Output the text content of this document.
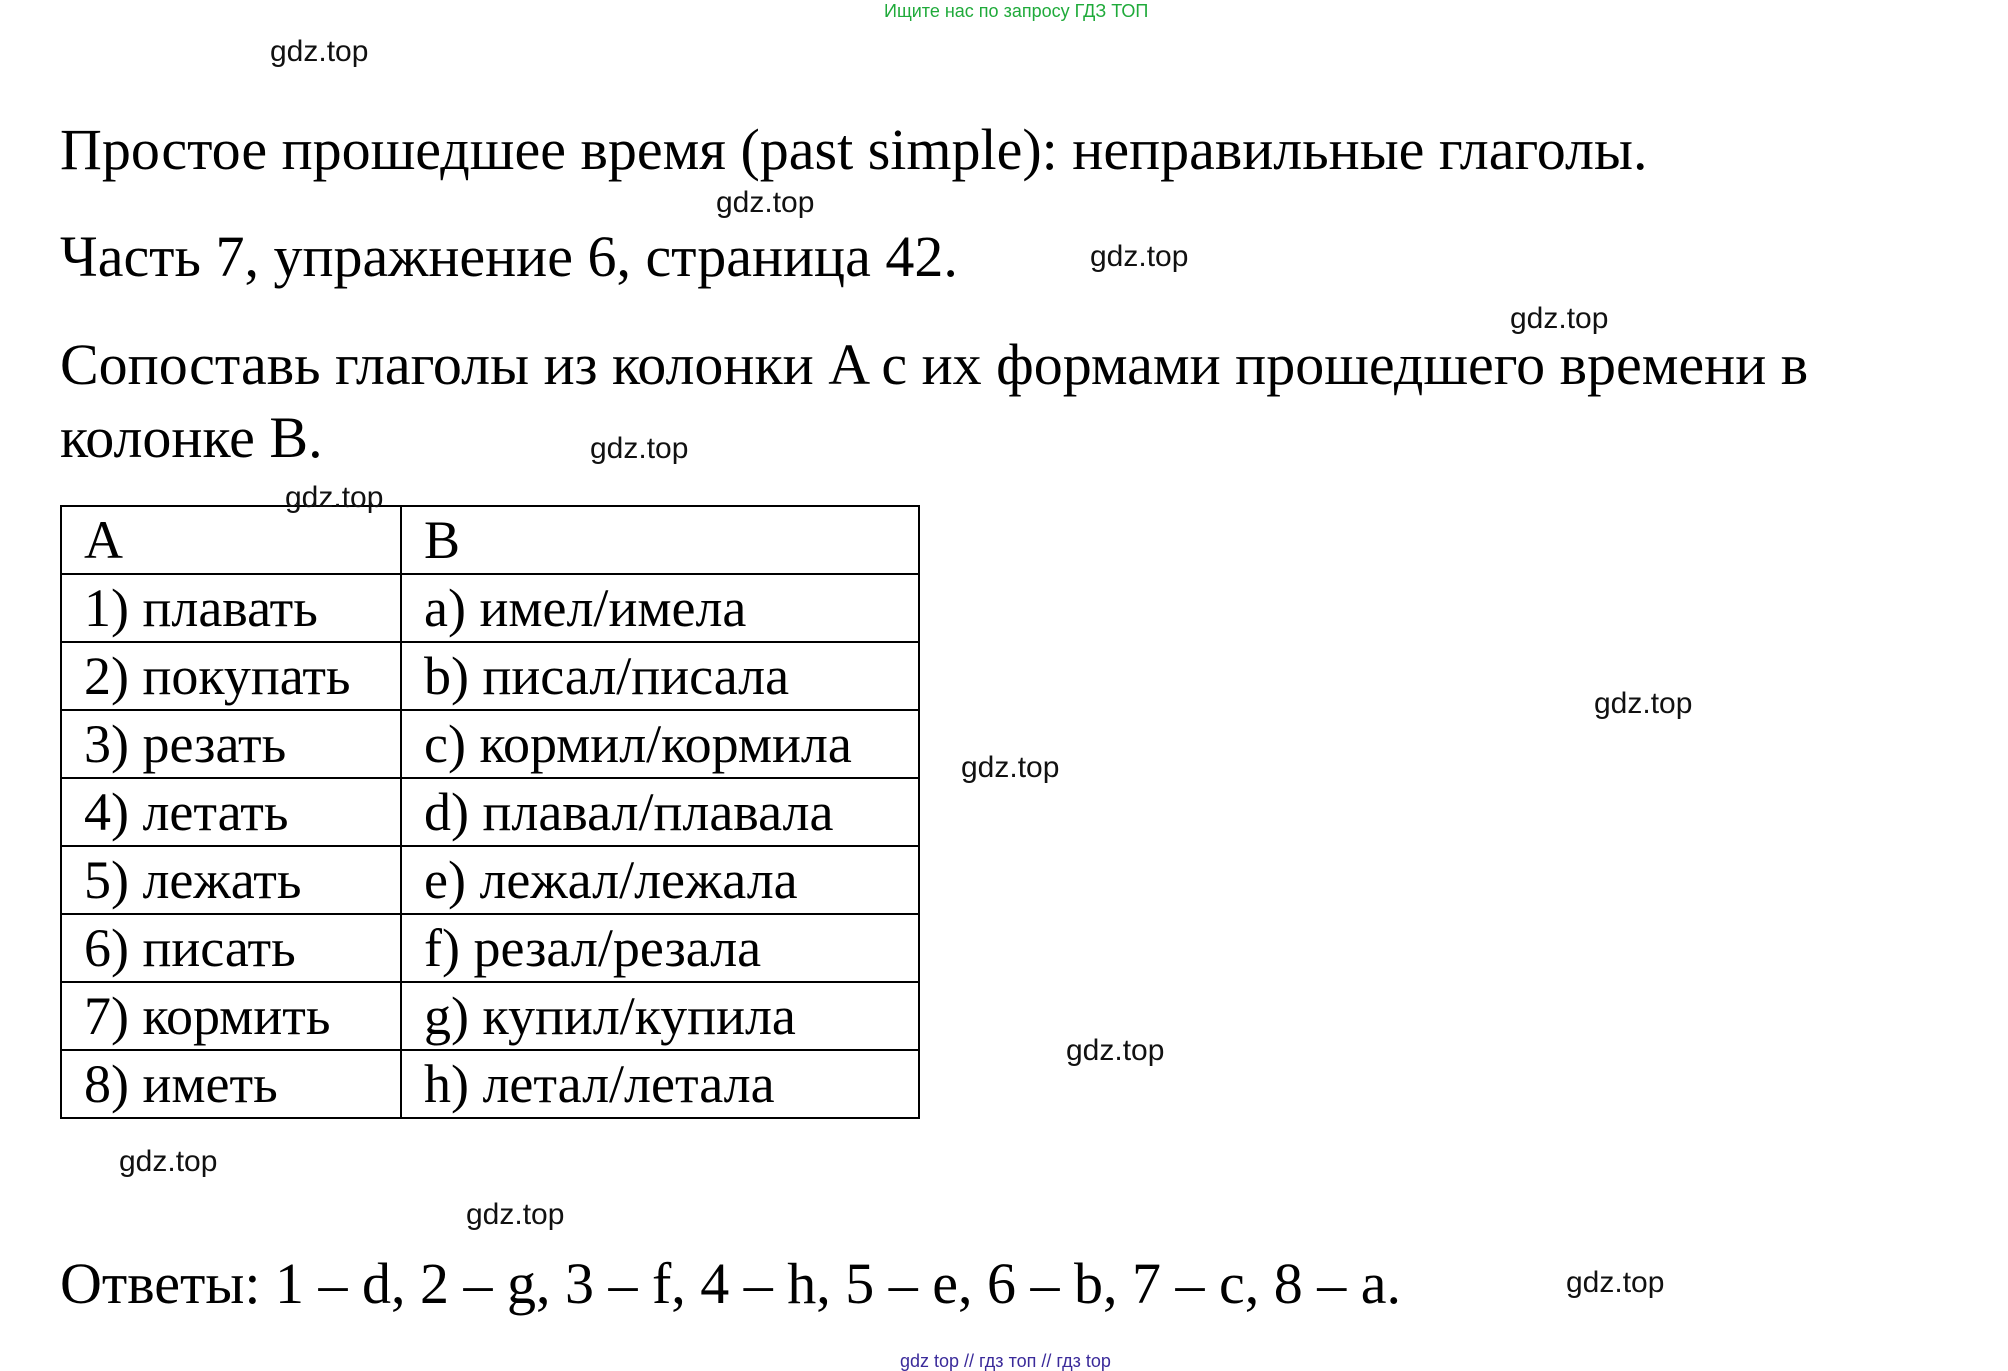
Ищите нас по запросу ГДЗ ТОП
gdz.top
Простое прошедшее время (past simple): неправильные глаголы.
gdz.top
Часть 7, упражнение 6, страница 42.	gdz.top
gdz.top
Сопоставь глаголы из колонки A с их формами прошедшего времени в
колонке B.	gdz.top
A	B
1) плавать	a) имел/имела
2) покупать	b) писал/писала
3) резать	c) кормил/кормила
4) летать	d) плавал/плавала
5) лежать	e) лежал/лежала
6) писать	f) резал/резала
7) кормить	g) купил/купила
8) иметь	h) летал/летала
gdz.top
gdz.top
gdz.top
gdz.top
gdz.top
gdz.top
Ответы: 1 – d, 2 – g, 3 – f, 4 – h, 5 – e, 6 – b, 7 – c, 8 – a.	gdz.top
gdz top // гдз топ // гдз top
